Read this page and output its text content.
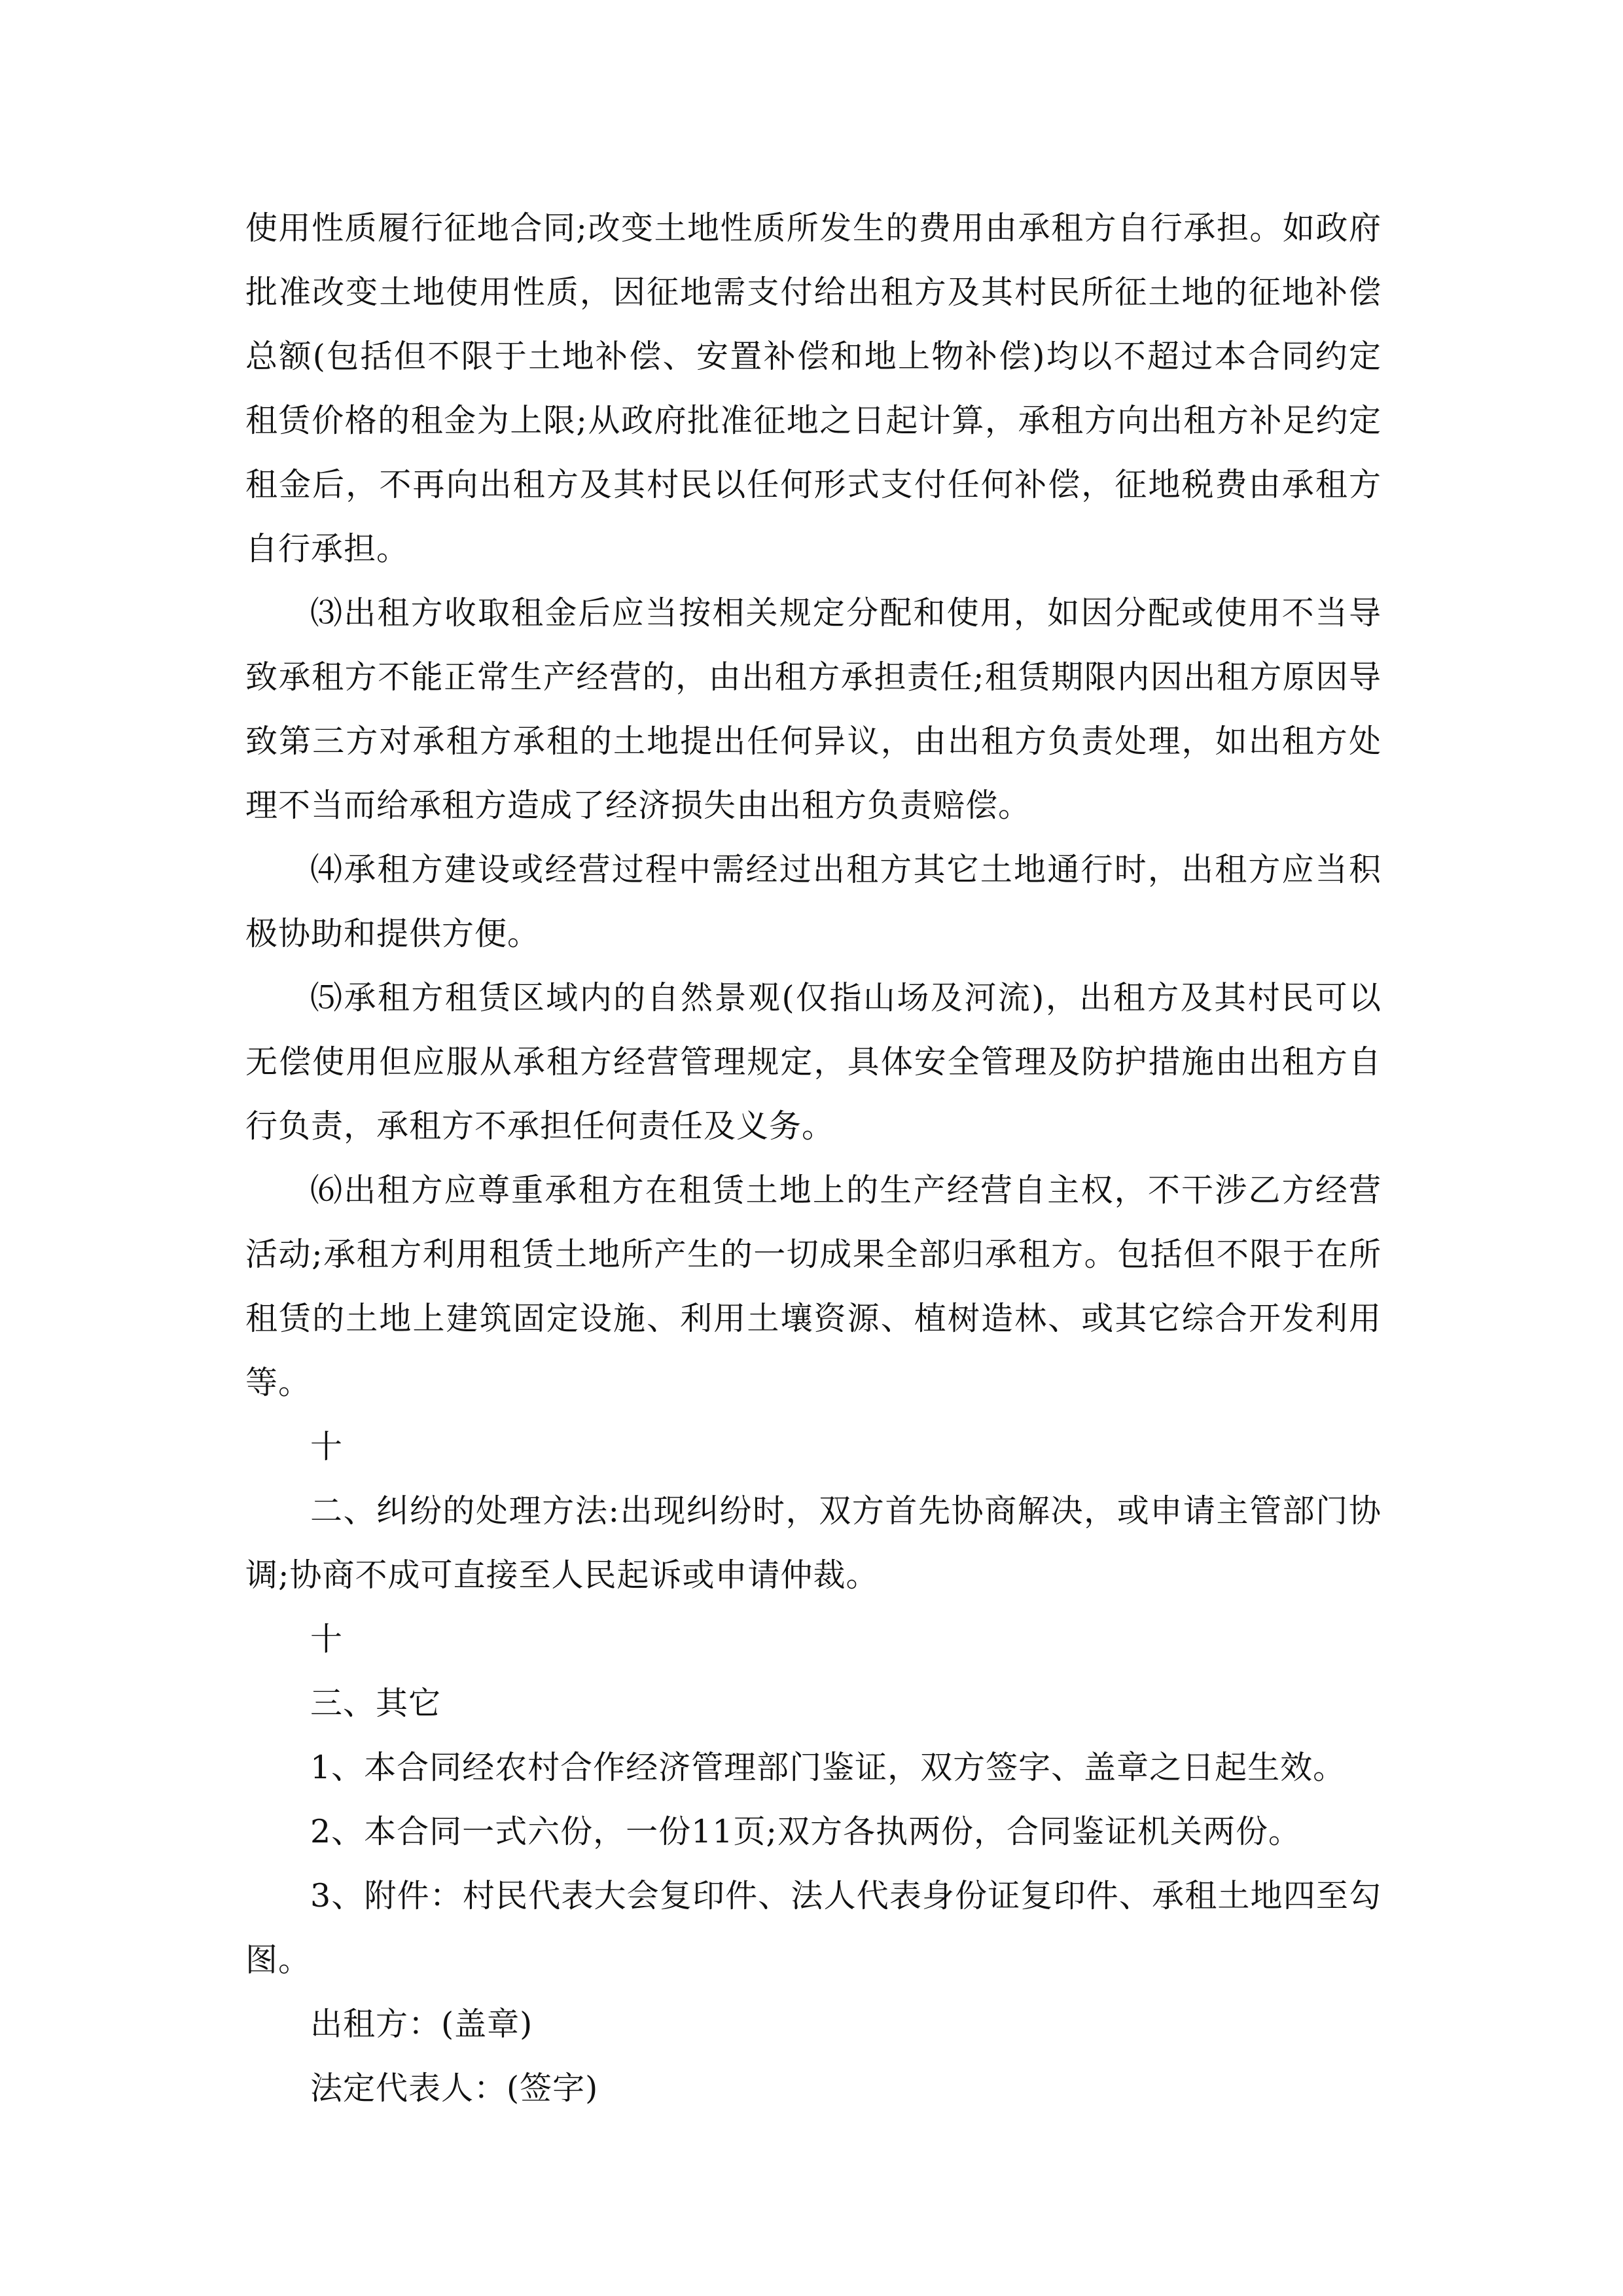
使用性质履行征地合同;改变土地性质所发生的费用由承租方自行承担。如政府批准改变土地使用性质，因征地需支付给出租方及其村民所征土地的征地补偿总额(包括但不限于土地补偿、安置补偿和地上物补偿)均以不超过本合同约定租赁价格的租金为上限;从政府批准征地之日起计算，承租方向出租方补足约定租金后，不再向出租方及其村民以任何形式支付任何补偿，征地税费由承租方自行承担。

⑶出租方收取租金后应当按相关规定分配和使用，如因分配或使用不当导致承租方不能正常生产经营的，由出租方承担责任;租赁期限内因出租方原因导致第三方对承租方承租的土地提出任何异议，由出租方负责处理，如出租方处理不当而给承租方造成了经济损失由出租方负责赔偿。

⑷承租方建设或经营过程中需经过出租方其它土地通行时，出租方应当积极协助和提供方便。

⑸承租方租赁区域内的自然景观(仅指山场及河流)，出租方及其村民可以无偿使用但应服从承租方经营管理规定，具体安全管理及防护措施由出租方自行负责，承租方不承担任何责任及义务。

⑹出租方应尊重承租方在租赁土地上的生产经营自主权，不干涉乙方经营活动;承租方利用租赁土地所产生的一切成果全部归承租方。包括但不限于在所租赁的土地上建筑固定设施、利用土壤资源、植树造林、或其它综合开发利用等。

十

二、纠纷的处理方法:出现纠纷时，双方首先协商解决，或申请主管部门协调;协商不成可直接至人民起诉或申请仲裁。

十

三、其它

1、本合同经农村合作经济管理部门鉴证，双方签字、盖章之日起生效。

2、本合同一式六份，一份11页;双方各执两份，合同鉴证机关两份。

3、附件：村民代表大会复印件、法人代表身份证复印件、承租土地四至勾图。

出租方：(盖章)

法定代表人：(签字)
